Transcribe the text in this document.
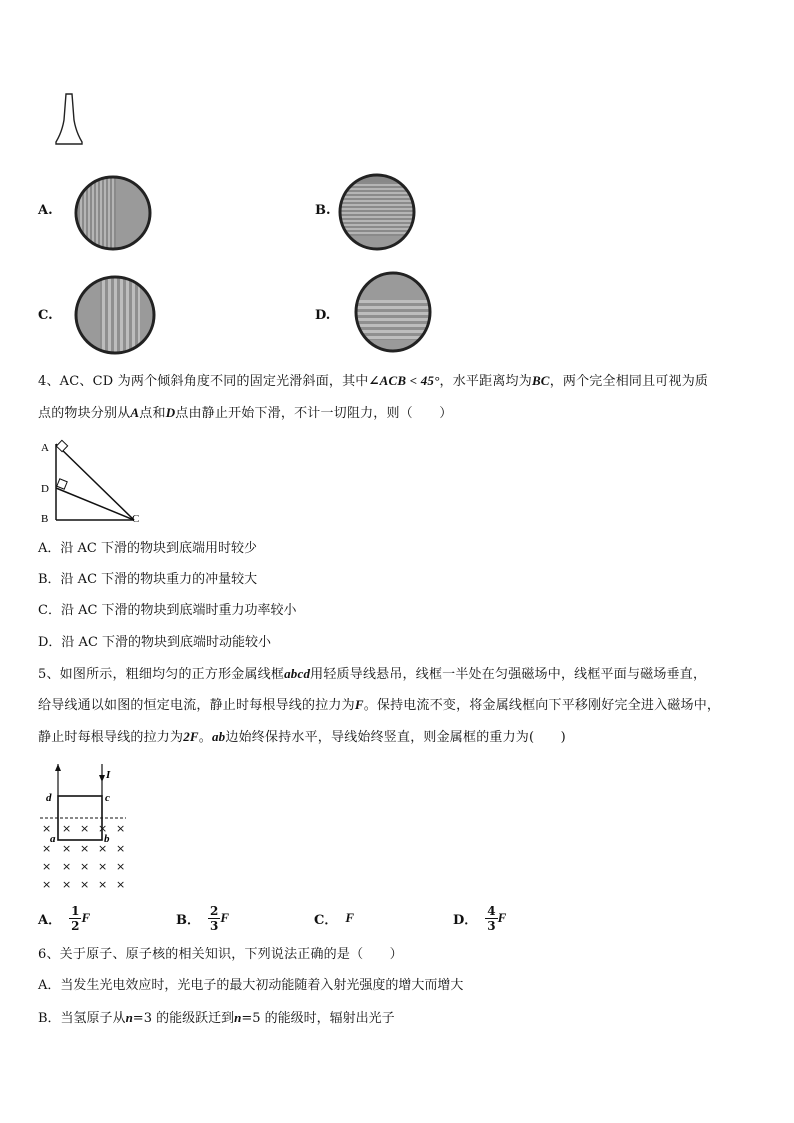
A.	B.
C.	D.
4、AC、CD 为两个倾斜角度不同的固定光滑斜面，其中∠ACB < 45°，水平距离均为BC，两个完全相同且可视为质
点的物块分别从A点和D点由静止开始下滑，不计一切阻力，则（　　）
A
D
B	C
A．沿 AC 下滑的物块到底端用时较少
B．沿 AC 下滑的物块重力的冲量较大
C．沿 AC 下滑的物块到底端时重力功率较小
D．沿 AC 下滑的物块到底端时动能较小
5、如图所示，粗细均匀的正方形金属线框abcd用轻质导线悬吊，线框一半处在匀强磁场中，线框平面与磁场垂直，
给导线通以如图的恒定电流，静止时每根导线的拉力为F。保持电流不变，将金属线框向下平移刚好完全进入磁场中，
静止时每根导线的拉力为2F。ab边始终保持水平，导线始终竖直，则金属框的重力为(　　)
I
d	c
a	b
× × × × ×
× × × × ×
× × × × ×
× × × × ×
A． $\frac{1}{2}$ F	B． $\frac{2}{3}$ F	C． F	D． $\frac{4}{3}$ F
6、关于原子、原子核的相关知识，下列说法正确的是（　　）
A．当发生光电效应时，光电子的最大初动能随着入射光强度的增大而增大
B．当氢原子从n=3 的能级跃迁到n=5 的能级时，辐射出光子
